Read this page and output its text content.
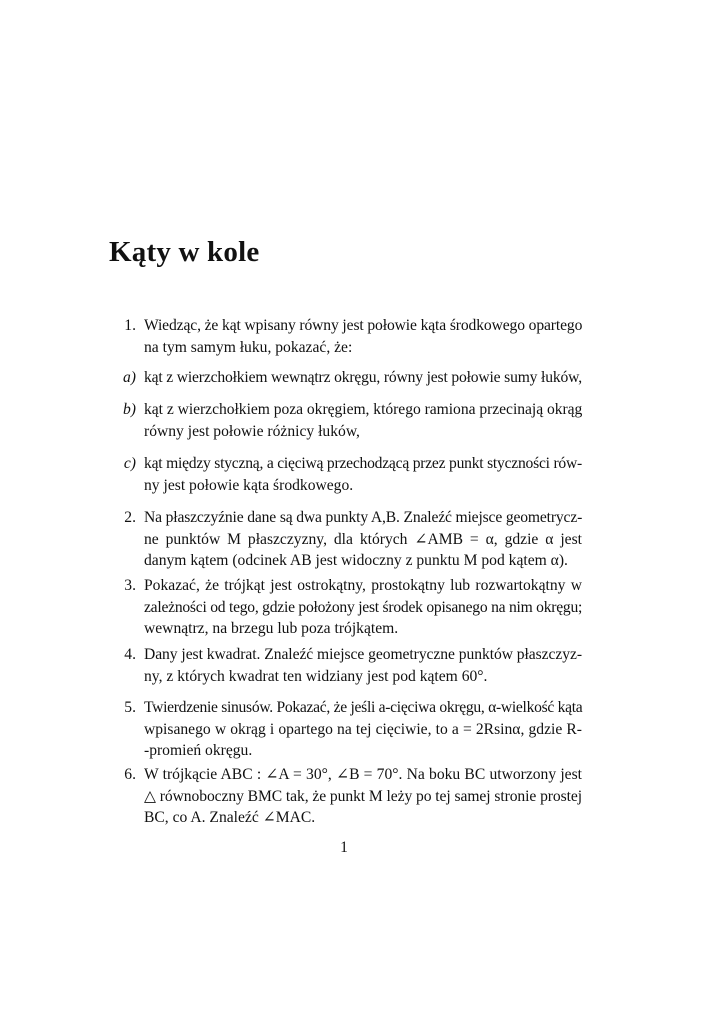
Kąty w kole
1. Wiedząc, że kąt wpisany równy jest połowie kąta środkowego opartego
na tym samym łuku, pokazać, że:
a) kąt z wierzchołkiem wewnątrz okręgu, równy jest połowie sumy łuków,
b) kąt z wierzchołkiem poza okręgiem, którego ramiona przecinają okrąg
równy jest połowie różnicy łuków,
c) kąt między styczną, a cięciwą przechodzącą przez punkt styczności rów-
ny jest połowie kąta środkowego.
2. Na płaszczyźnie dane są dwa punkty A,B. Znaleźć miejsce geometrycz-
ne punktów M płaszczyzny, dla których ∠AMB = α, gdzie α jest
danym kątem (odcinek AB jest widoczny z punktu M pod kątem α).
3. Pokazać, że trójkąt jest ostrokątny, prostokątny lub rozwartokątny w
zależności od tego, gdzie położony jest środek opisanego na nim okręgu;
wewnątrz, na brzegu lub poza trójkątem.
4. Dany jest kwadrat. Znaleźć miejsce geometryczne punktów płaszczyz-
ny, z których kwadrat ten widziany jest pod kątem 60°.
5. Twierdzenie sinusów. Pokazać, że jeśli a-cięciwa okręgu, α-wielkość kąta
wpisanego w okrąg i opartego na tej cięciwie, to a = 2Rsinα, gdzie R-
-promień okręgu.
6. W trójkącie ABC : ∠A = 30°, ∠B = 70°. Na boku BC utworzony jest
△ równoboczny BMC tak, że punkt M leży po tej samej stronie prostej
BC, co A. Znaleźć ∠MAC.
1
